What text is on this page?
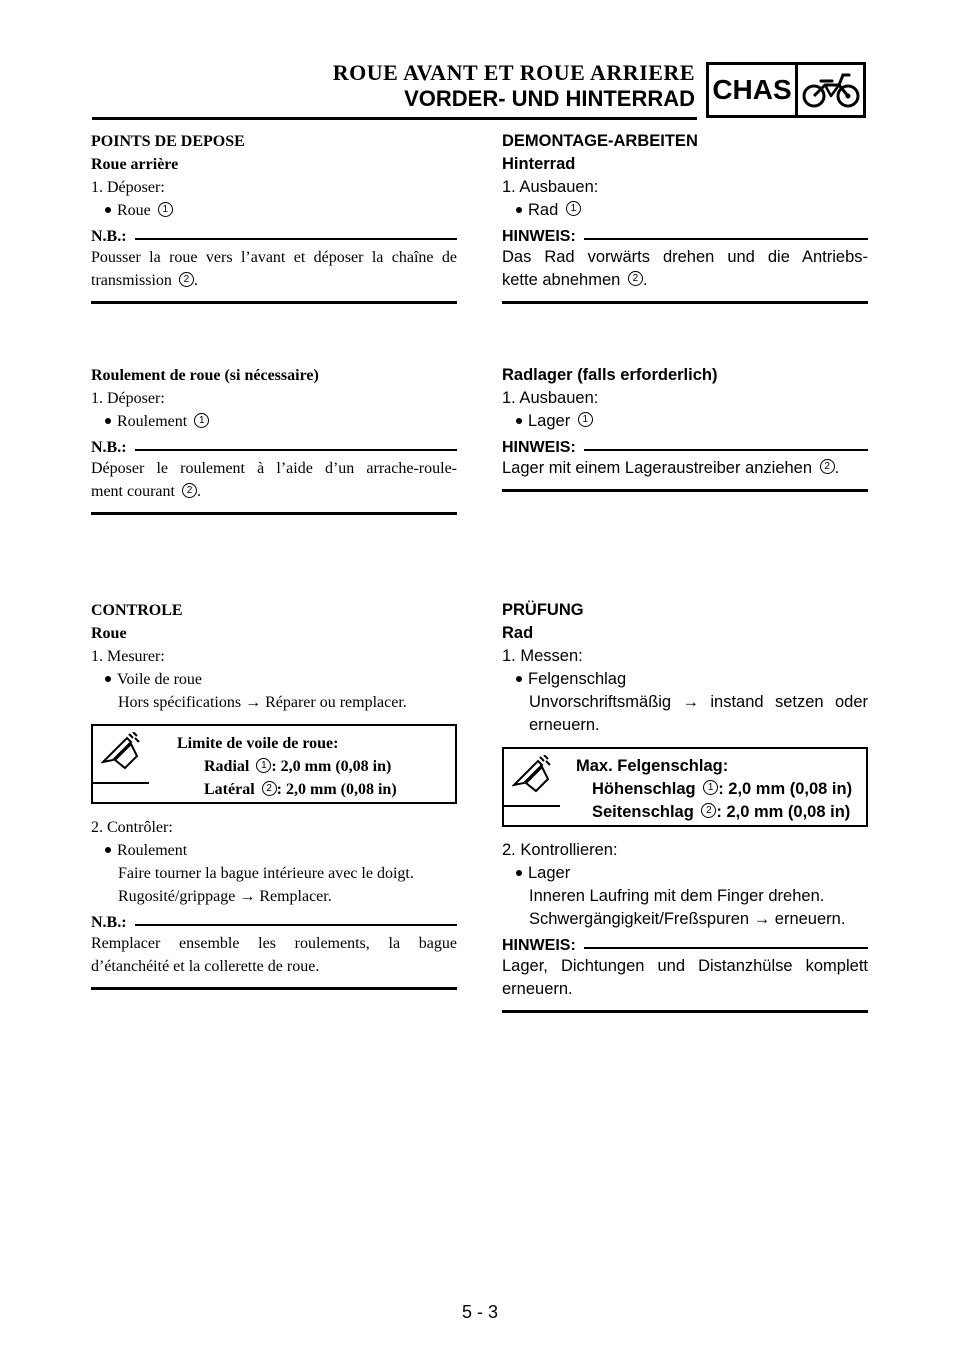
ROUE AVANT ET ROUE ARRIERE
VORDER- UND HINTERRAD CHAS
POINTS DE DEPOSE
Roue arrière
1. Déposer:
Roue 1
N.B.:
Pousser la roue vers l’avant et déposer la chaîne de
transmission 2 .
Roulement de roue (si nécessaire)
1. Déposer:
Roulement 1
N.B.:
Déposer le roulement à l’aide d’un arrache-roule-
ment courant 2 .
CONTROLE
Roue
1. Mesurer:
Voile de roue
Hors spécifications → Réparer ou remplacer.
Limite de voile de roue:
Radial 1 : 2,0 mm (0,08 in)
Latéral 2 : 2,0 mm (0,08 in)
2. Contrôler:
Roulement
Faire tourner la bague intérieure avec le doigt.
Rugosité/grippage → Remplacer.
N.B.:
Remplacer ensemble les roulements, la bague
d’étanchéité et la collerette de roue.
DEMONTAGE-ARBEITEN
Hinterrad
1. Ausbauen:
Rad 1
HINWEIS:
Das Rad vorwärts drehen und die Antriebs-
kette abnehmen 2 .
Radlager (falls erforderlich)
1. Ausbauen:
Lager 1
HINWEIS:
Lager mit einem Lageraustreiber anziehen 2 .
PRÜFUNG
Rad
1. Messen:
Felgenschlag
Unvorschriftsmäßig → instand setzen oder
erneuern.
Max. Felgenschlag:
Höhenschlag 1 : 2,0 mm (0,08 in)
Seitenschlag 2 : 2,0 mm (0,08 in)
2. Kontrollieren:
Lager
Inneren Laufring mit dem Finger drehen.
Schwergängigkeit/Freßspuren → erneuern.
HINWEIS:
Lager, Dichtungen und Distanzhülse komplett
erneuern.
5 - 3
